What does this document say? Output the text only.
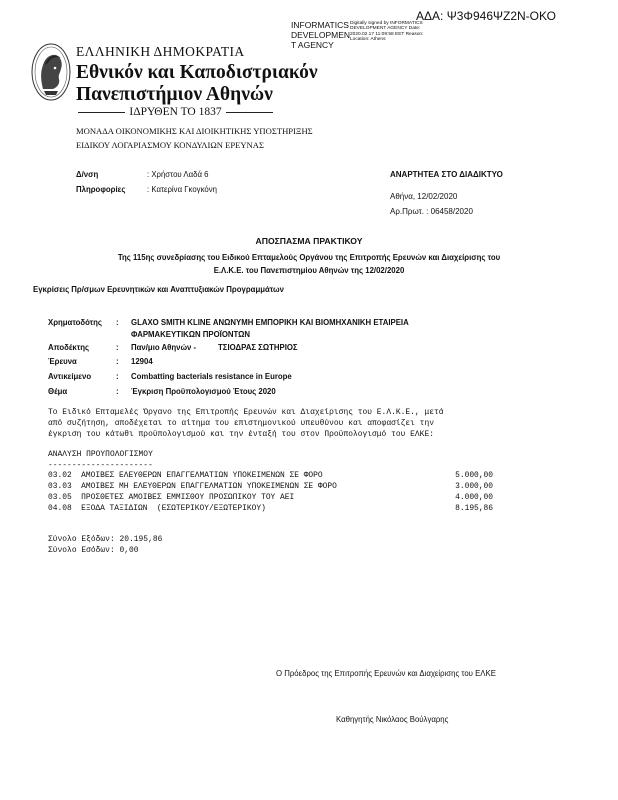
ΑΔΑ: Ψ3Φ946ΨΖ2Ν-ΟΚΟ
INFORMATICS DEVELOPMEN T AGENCY
Digitally signed by INFORMATICS DEVELOPMENT AGENCY Date: 2020.02.17 11:09:58 EET Reason: Location: Athens
ΕΛΛΗΝΙΚΗ ΔΗΜΟΚΡΑΤΙΑ
Εθνικόν και Καποδιστριακόν
Πανεπιστήμιον Αθηνών
ΙΔΡΥΘΕΝ ΤΟ 1837
ΜΟΝΑΔΑ ΟΙΚΟΝΟΜΙΚΗΣ ΚΑΙ ΔΙΟΙΚΗΤΙΚΗΣ ΥΠΟΣΤΗΡΙΞΗΣ
ΕΙΔΙΚΟΥ ΛΟΓΑΡΙΑΣΜΟΥ ΚΟΝΔΥΛΙΩΝ ΕΡΕΥΝΑΣ
Δ/νση	: Χρήστου Λαδά 6
Πληροφορίες	: Κατερίνα Γκογκόνη
ΑΝΑΡΤΗΤΕΑ ΣΤΟ ΔΙΑΔΙΚΤΥΟ
Αθήνα, 12/02/2020
Αρ.Πρωτ. : 06458/2020
ΑΠΟΣΠΑΣΜΑ ΠΡΑΚΤΙΚΟΥ
Της 115ης συνεδρίασης του Ειδικού Επταμελούς Οργάνου της Επιτροπής Ερευνών και Διαχείρισης του
Ε.Λ.Κ.Ε. του Πανεπιστημίου Αθηνών της 12/02/2020
Εγκρίσεις Πρ/σμων Ερευνητικών και Αναπτυξιακών Προγραμμάτων
Χρηματοδότης : GLAXO SMITH KLINE ΑΝΩΝΥΜΗ ΕΜΠΟΡΙΚΗ ΚΑΙ ΒΙΟΜΗΧΑΝΙΚΗ ΕΤΑΙΡΕΙΑ
ΦΑΡΜΑΚΕΥΤΙΚΩΝ ΠΡΟΪΟΝΤΩΝ
Αποδέκτης	: Παν/μιο Αθηνών -	ΤΣΙΟΔΡΑΣ ΣΩΤΗΡΙΟΣ
Έρευνα	: 12904
Αντικείμενο	: Combatting bacterials resistance in Europe
Θέμα	: Έγκριση Προϋπολογισμού Έτους 2020
Το Ειδικό Επταμελές Όργανο της Επιτροπής Ερευνών και Διαχείρισης του Ε.Λ.Κ.Ε., μετά
από συζήτηση, αποδέχεται το αίτημα του επιστημονικού υπευθύνου και αποφασίζει την
έγκριση του κάτωθι προϋπολογισμού και την ένταξή του στον Προϋπολογισμό του ΕΛΚΕ:
ΑΝΑΛΥΣΗ ΠΡΟΥΠΟΛΟΓΙΣΜΟΥ
----------------------
03.02  ΑΜΟΙΒΕΣ ΕΛΕΥΘΕΡΩΝ ΕΠΑΓΓΕΛΜΑΤΙΩΝ ΥΠΟΚΕΙΜΕΝΩΝ ΣΕ ΦΟΡΟ	5.000,00
03.03  ΑΜΟΙΒΕΣ ΜΗ ΕΛΕΥΘΕΡΩΝ ΕΠΑΓΓΕΛΜΑΤΙΩΝ ΥΠΟΚΕΙΜΕΝΩΝ ΣΕ ΦΟΡΟ	3.000,00
03.05  ΠΡΟΣΘΕΤΕΣ ΑΜΟΙΒΕΣ ΕΜΜΙΣΘΟΥ ΠΡΟΣΩΠΙΚΟΥ ΤΟΥ ΑΕΙ	4.000,00
04.08  ΕΞΟΔΑ ΤΑΞΙΔΙΩΝ  (ΕΣΩΤΕΡΙΚΟΥ/ΕΞΩΤΕΡΙΚΟΥ)	8.195,86
Σύνολο Εξόδων: 20.195,86
Σύνολο Εσόδων: 0,00
Ο Πρόεδρος της Επιτροπής Ερευνών και Διαχείρισης του ΕΛΚΕ
Καθηγητής Νικόλαος Βούλγαρης
